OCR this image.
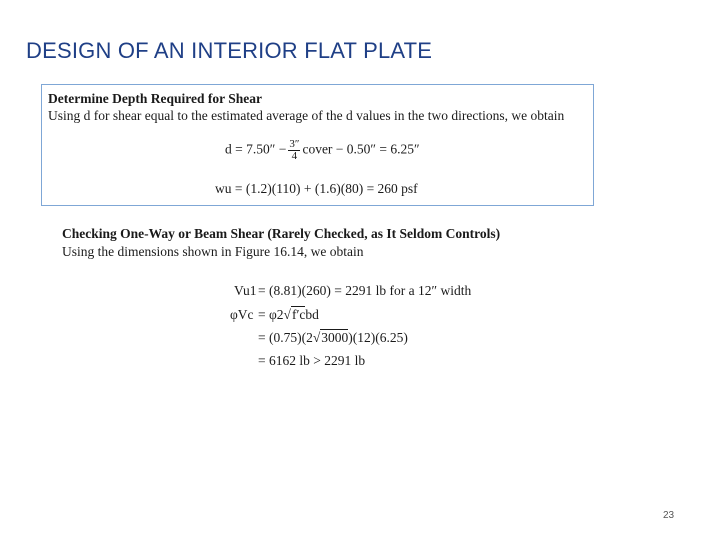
DESIGN OF AN INTERIOR FLAT PLATE
Determine Depth Required for Shear
Using d for shear equal to the estimated average of the d values in the two directions, we obtain
$d = 7.50'' - \frac{3''}{4}$ cover − 0.50″ = 6.25″
wu = (1.2)(110) + (1.6)(80) = 260 psf
Checking One-Way or Beam Shear (Rarely Checked, as It Seldom Controls)
Using the dimensions shown in Figure 16.14, we obtain
Vu1 = (8.81)(260) = 2291 lb for a 12″ width
φVc = φ2√f′cbd
= (0.75)(2√3000)(12)(6.25)
= 6162 lb > 2291 lb
23
